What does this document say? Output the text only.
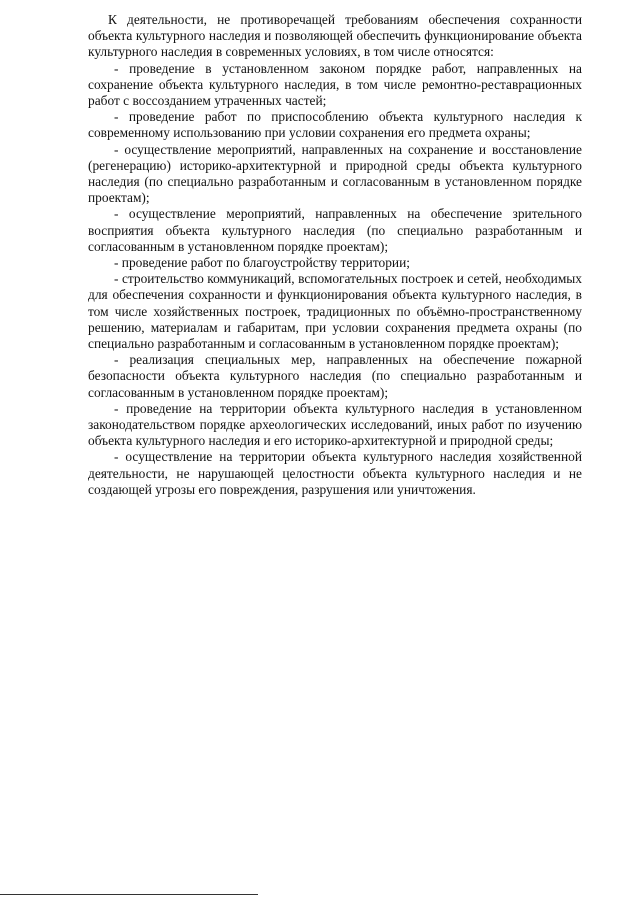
К деятельности, не противоречащей требованиям обеспечения сохранности объекта культурного наследия и позволяющей обеспечить функционирование объекта культурного наследия в современных условиях, в том числе относятся:

- проведение в установленном законом порядке работ, направленных на сохранение объекта культурного наследия, в том числе ремонтно-реставрационных работ с воссозданием утраченных частей;

- проведение работ по приспособлению объекта культурного наследия к современному использованию при условии сохранения его предмета охраны;

- осуществление мероприятий, направленных на сохранение и восстановление (регенерацию) историко-архитектурной и природной среды объекта культурного наследия (по специально разработанным и согласованным в установленном порядке проектам);

- осуществление мероприятий, направленных на обеспечение зрительного восприятия объекта культурного наследия (по специально разработанным и согласованным в установленном порядке проектам);

- проведение работ по благоустройству территории;

- строительство коммуникаций, вспомогательных построек и сетей, необходимых для обеспечения сохранности и функционирования объекта культурного наследия, в том числе хозяйственных построек, традиционных по объёмно-пространственному решению, материалам и габаритам, при условии сохранения предмета охраны (по специально разработанным и согласованным в установленном порядке проектам);

- реализация специальных мер, направленных на обеспечение пожарной безопасности объекта культурного наследия (по специально разработанным и согласованным в установленном порядке проектам);

- проведение на территории объекта культурного наследия в установленном законодательством порядке археологических исследований, иных работ по изучению объекта культурного наследия и его историко-архитектурной и природной среды;

- осуществление на территории объекта культурного наследия хозяйственной деятельности, не нарушающей целостности объекта культурного наследия и не создающей угрозы его повреждения, разрушения или уничтожения.
